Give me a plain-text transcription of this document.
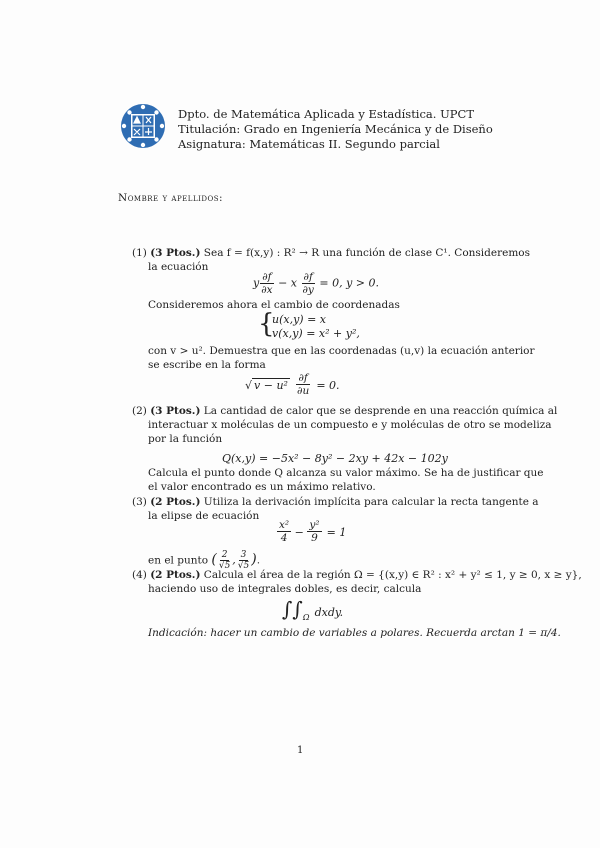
Dpto. de Matemática Aplicada y Estadística. UPCT
Titulación: Grado en Ingeniería Mecánica y de Diseño
Asignatura: Matemáticas II. Segundo parcial
Nombre y apellidos:
(1) (3 Ptos.) Sea f = f(x,y) : R² → R una función de clase C¹. Consideremos
la ecuación
y $\frac{\partial f}{\partial x} - x \frac{\partial f}{\partial y} = 0$, y > 0.
Consideremos ahora el cambio de coordenadas
{
u(x,y) = x
v(x,y) = x² + y²,
con v > u². Demuestra que en las coordenadas (u,v) la ecuación anterior
se escribe en la forma
√ $v - u^2 \frac{\partial f}{\partial u} = 0$.
(2) (3 Ptos.) La cantidad de calor que se desprende en una reacción química al
interactuar x moléculas de un compuesto e y moléculas de otro se modeliza
por la función
Q(x,y) = −5x² − 8y² − 2xy + 42x − 102y
Calcula el punto donde Q alcanza su valor máximo. Se ha de justificar que
el valor encontrado es un máximo relativo.
(3) (2 Ptos.) Utiliza la derivación implícita para calcular la recta tangente a
la elipse de ecuación
$\frac{\text{x²}}{4} - \frac{\text{y²}}{9} = 1$
en el punto ( $\frac{2}{√5}$ , $\frac{3}{√5}$ ).
(4) (2 Ptos.) Calcula el área de la región Ω = {(x,y) ∈ R² : x² + y² ≤ 1, y ≥ 0, x ≥ y},
haciendo uso de integrales dobles, es decir, calcula
$\int\int_\Omega$ dxdy.
Indicación: hacer un cambio de variables a polares. Recuerda arctan 1 = π/4.
1
